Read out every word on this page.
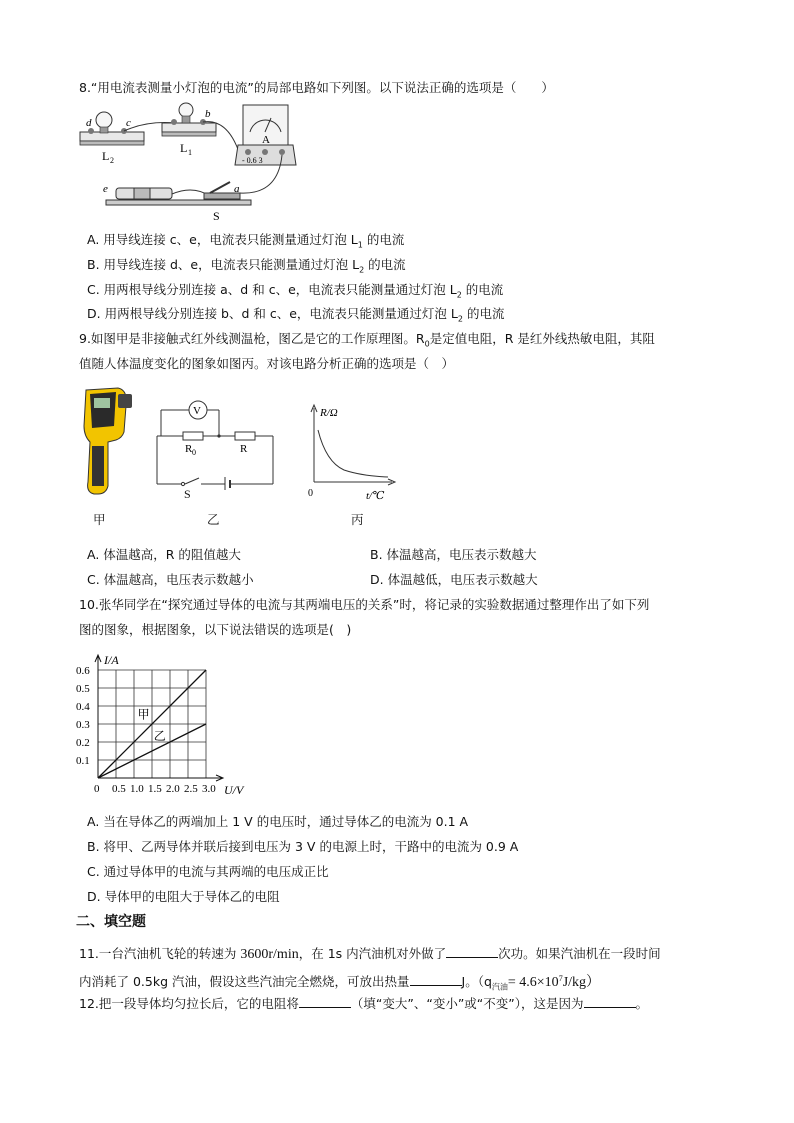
8.“用电流表测量小灯泡的电流”的局部电路如下列图。以下说法正确的选项是（　　）
d	c
L 2
b
L 1
A
- 0.6 3
e	a
S
A. 用导线连接 c、e，电流表只能测量通过灯泡 $L_1$ 的电流
B. 用导线连接 d、e，电流表只能测量通过灯泡 $L_2$ 的电流
C. 用两根导线分别连接 a、d 和 c、e，电流表只能测量通过灯泡 $L_2$ 的电流
D. 用两根导线分别连接 b、d 和 c、e，电流表只能测量通过灯泡 $L_2$ 的电流
9.如图甲是非接触式红外线测温枪，图乙是它的工作原理图。$R_0$是定值电阻，R 是红外线热敏电阻，其阻
值随人体温度变化的图象如图丙。对该电路分析正确的选项是（　）
V
R 0	R
S
R/Ω
0	t/℃
甲	乙	丙
A. 体温越高，R 的阻值越大	B. 体温越高，电压表示数越大
C. 体温越高，电压表示数越小	D. 体温越低，电压表示数越大
10.张华同学在“探究通过导体的电流与其两端电压的关系”时，将记录的实验数据通过整理作出了如下列
图的图象，根据图象，以下说法错误的选项是(　)
0 0.5 1.0 1.5 2.0 2.5 3.0
0.1
0.2
0.3
0.4
0.5
0.6
I/A
U/V
甲
乙
A. 当在导体乙的两端加上 1 V 的电压时，通过导体乙的电流为 0.1 A
B. 将甲、乙两导体并联后接到电压为 3 V 的电源上时，干路中的电流为 0.9 A
C. 通过导体甲的电流与其两端的电压成正比
D. 导体甲的电阻大于导体乙的电阻
二、填空题
11.一台汽油机飞轮的转速为 3600r/min，在 1s 内汽油机对外做了	次功。如果汽油机在一段时间
内消耗了 0.5kg 汽油，假设这些汽油完全燃烧，可放出热量	J。$(q_{汽油}= 4.6\times 10^7J/kg)$
12.把一段导体均匀拉长后，它的电阻将	（填“变大”、“变小”或“不变”），这是因为	。
